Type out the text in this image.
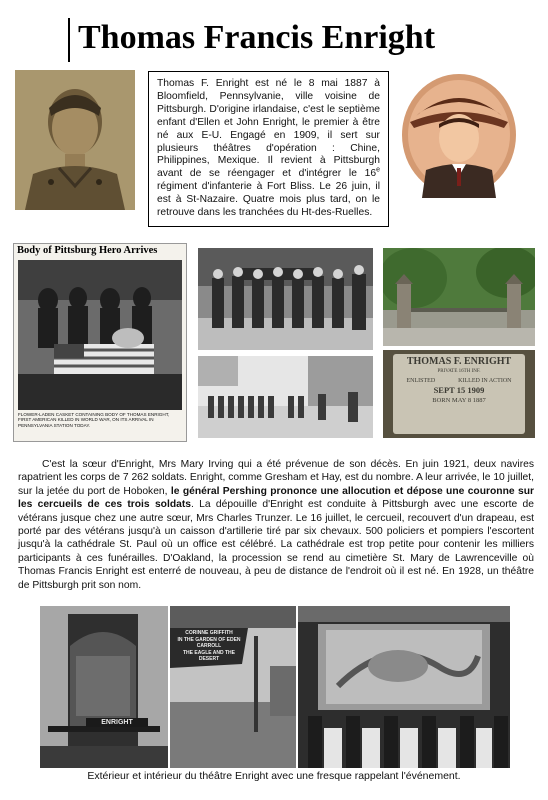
Thomas Francis Enright
Thomas F. Enright est né le 8 mai 1887 à Bloomfield, Pennsylvanie, ville voisine de Pittsburgh. D'origine irlandaise, c'est le septième enfant d'Ellen et John Enright, le premier à être né aux E-U. Engagé en 1909, il sert sur plusieurs théâtres d'opération : Chine, Philippines, Mexique. Il revient à Pittsburgh avant de se réengager et d'intégrer le 16e régiment d'infanterie à Fort Bliss. Le 26 juin, il est à St-Nazaire. Quatre mois plus tard, on le retrouve dans les tranchées du Ht-des-Ruelles.
Body of Pittsburg Hero Arrives
FLOWER-LADEN CASKET CONTAINING BODY OF THOMAS ENRIGHT, FIRST AMERICAN KILLED IN WORLD WAR, ON ITS ARRIVAL IN PENNSYLVANIA STATION TODAY.
THOMAS F. ENRIGHT
PRIVATE 16TH INF.
ENLISTED	KILLED IN ACTION
SEPT 15 1909
BORN MAY 8 1887
C'est la sœur d'Enright, Mrs Mary Irving qui a été prévenue de son décès. En juin 1921, deux navires rapatrient les corps de 7 262 soldats. Enright, comme Gresham et Hay, est du nombre. A leur arrivée, le 10 juillet, sur la jetée du port de Hoboken, le général Pershing prononce une allocution et dépose une couronne sur les cercueils de ces trois soldats. La dépouille d'Enright est conduite à Pittsburgh avec une escorte de vétérans jusque chez une autre sœur, Mrs Charles Trunzer. Le 16 juillet, le cercueil, recouvert d'un drapeau, est porté par des vétérans jusqu'à un caisson d'artillerie tiré par six chevaux. 500 policiers et pompiers l'escortent jusqu'à la cathédrale St. Paul où un office est célébré. La cathédrale est trop petite pour contenir les milliers participants à ces funérailles. D'Oakland, la procession se rend au cimetière St. Mary de Lawrenceville où Thomas Francis Enright est enterré de nouveau, à peu de distance de l'endroit où il est né. En 1928, un théâtre de Pittsburgh prit son nom.
ENRIGHT
CORINNE GRIFFITH
IN THE GARDEN OF EDEN
CARROLL
THE EAGLE AND THE DESERT
Extérieur et intérieur du théâtre Enright avec une fresque rappelant l'événement.
